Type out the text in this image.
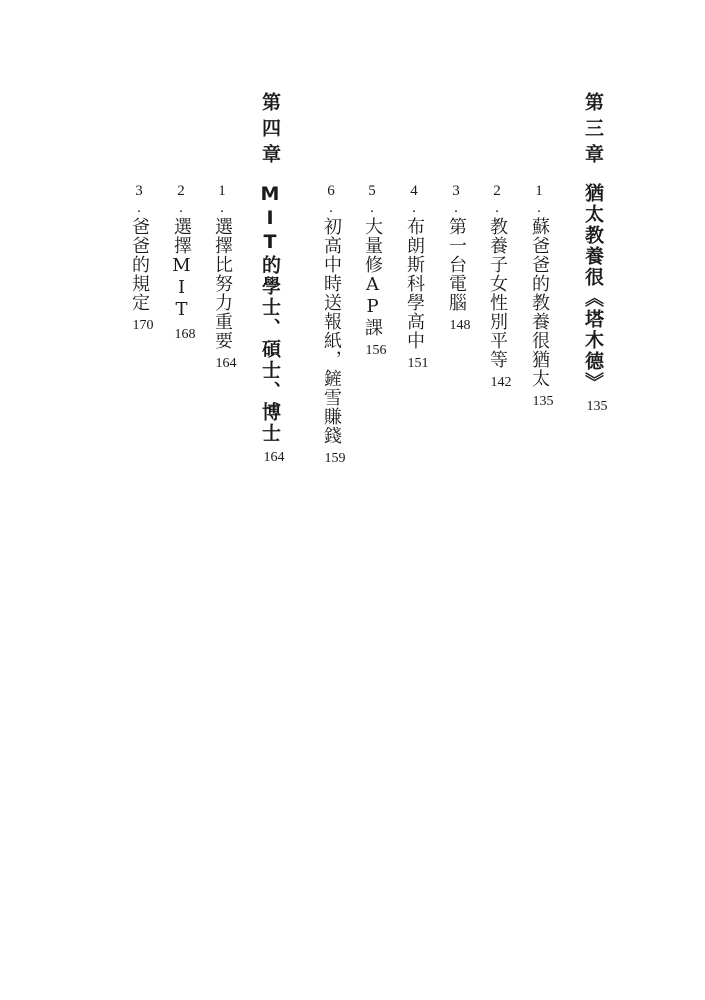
第三章
猶太教養很《塔木德》
135
1.蘇爸爸的教養很猶太
135
2.教養子女性別平等
142
3.第一台電腦
148
4.布朗斯科學高中
151
5.大量修AP課
156
6.初高中時送報紙，鏟雪賺錢
159
第四章
MIT的學士、碩士、博士
164
1.選擇比努力重要
164
2.選擇MIT
168
3.爸爸的規定
170
